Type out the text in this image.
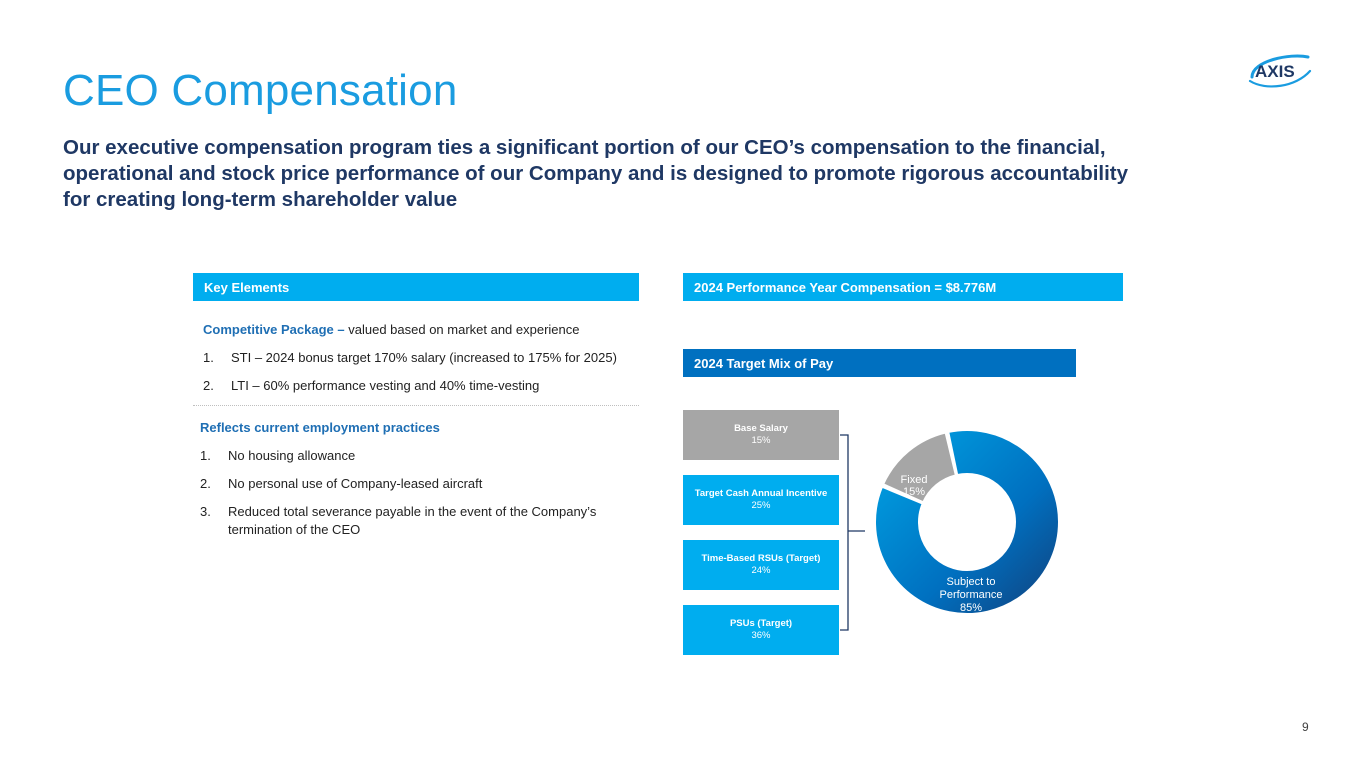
CEO Compensation
Our executive compensation program ties a significant portion of our CEO’s compensation to the financial, operational and stock price performance of our Company and is designed to promote rigorous accountability for creating long-term shareholder value
AXIS
Key Elements
Competitive Package – valued based on market and experience
1. STI – 2024 bonus target 170% salary (increased to 175% for 2025)
2. LTI – 60% performance vesting and 40% time-vesting
Reflects current employment practices
1. No housing allowance
2. No personal use of Company-leased aircraft
3. Reduced total severance payable in the event of the Company’s
termination of the CEO
2024 Performance Year Compensation = $8.776M
2024 Target Mix of Pay
Base Salary
15%
Target Cash Annual Incentive
25%
Time-Based RSUs (Target)
24%
PSUs (Target)
36%
Fixed
15%
Subject to
Performance
85%
9
